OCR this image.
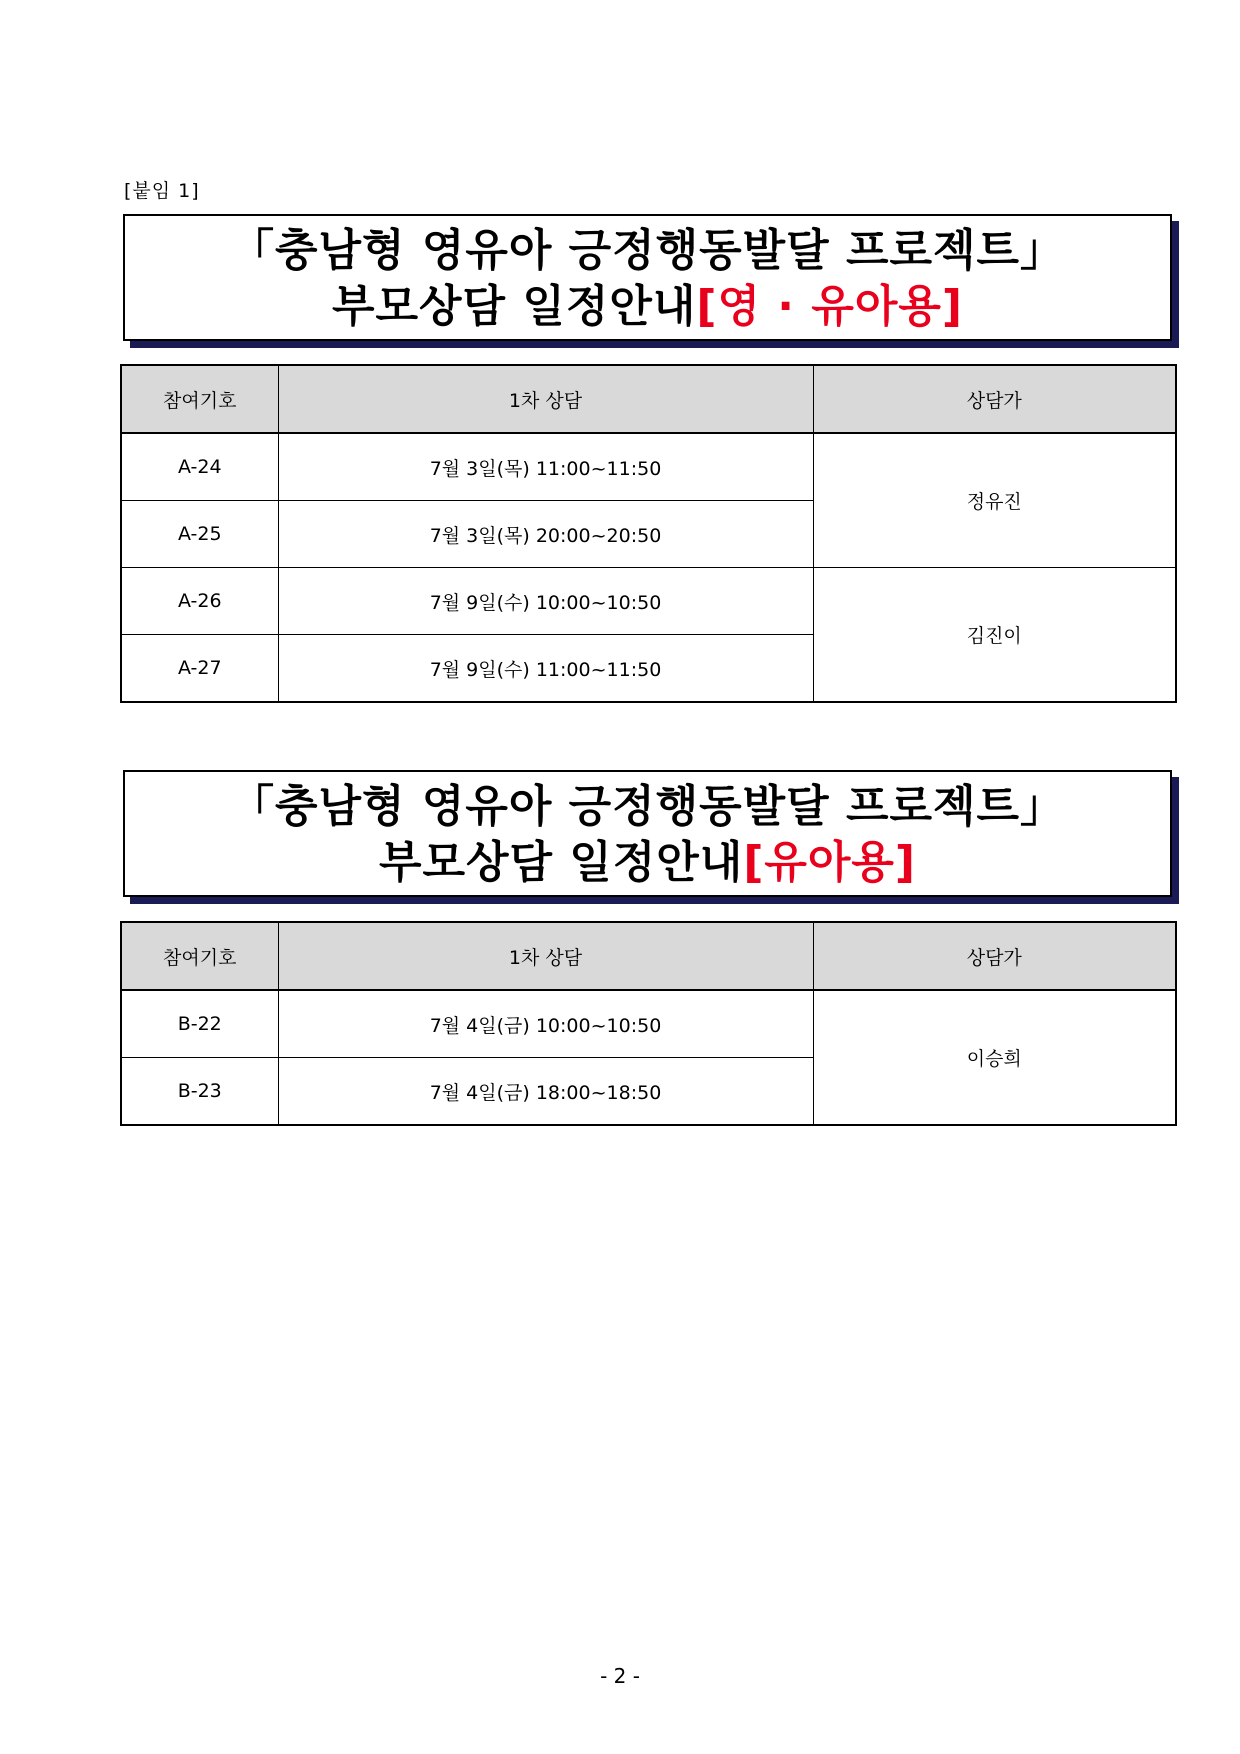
[붙임 1]
「충남형 영유아 긍정행동발달 프로젝트」
부모상담 일정안내[영 · 유아용]
참여기호	1차 상담	상담가
A-24	7월 3일(목) 11:00~11:50	정유진
A-25	7월 3일(목) 20:00~20:50	
A-26	7월 9일(수) 10:00~10:50	김진이
A-27	7월 9일(수) 11:00~11:50	
「충남형 영유아 긍정행동발달 프로젝트」
부모상담 일정안내[유아용]
참여기호	1차 상담	상담가
B-22	7월 4일(금) 10:00~10:50	이승희
B-23	7월 4일(금) 18:00~18:50	
- 2 -
